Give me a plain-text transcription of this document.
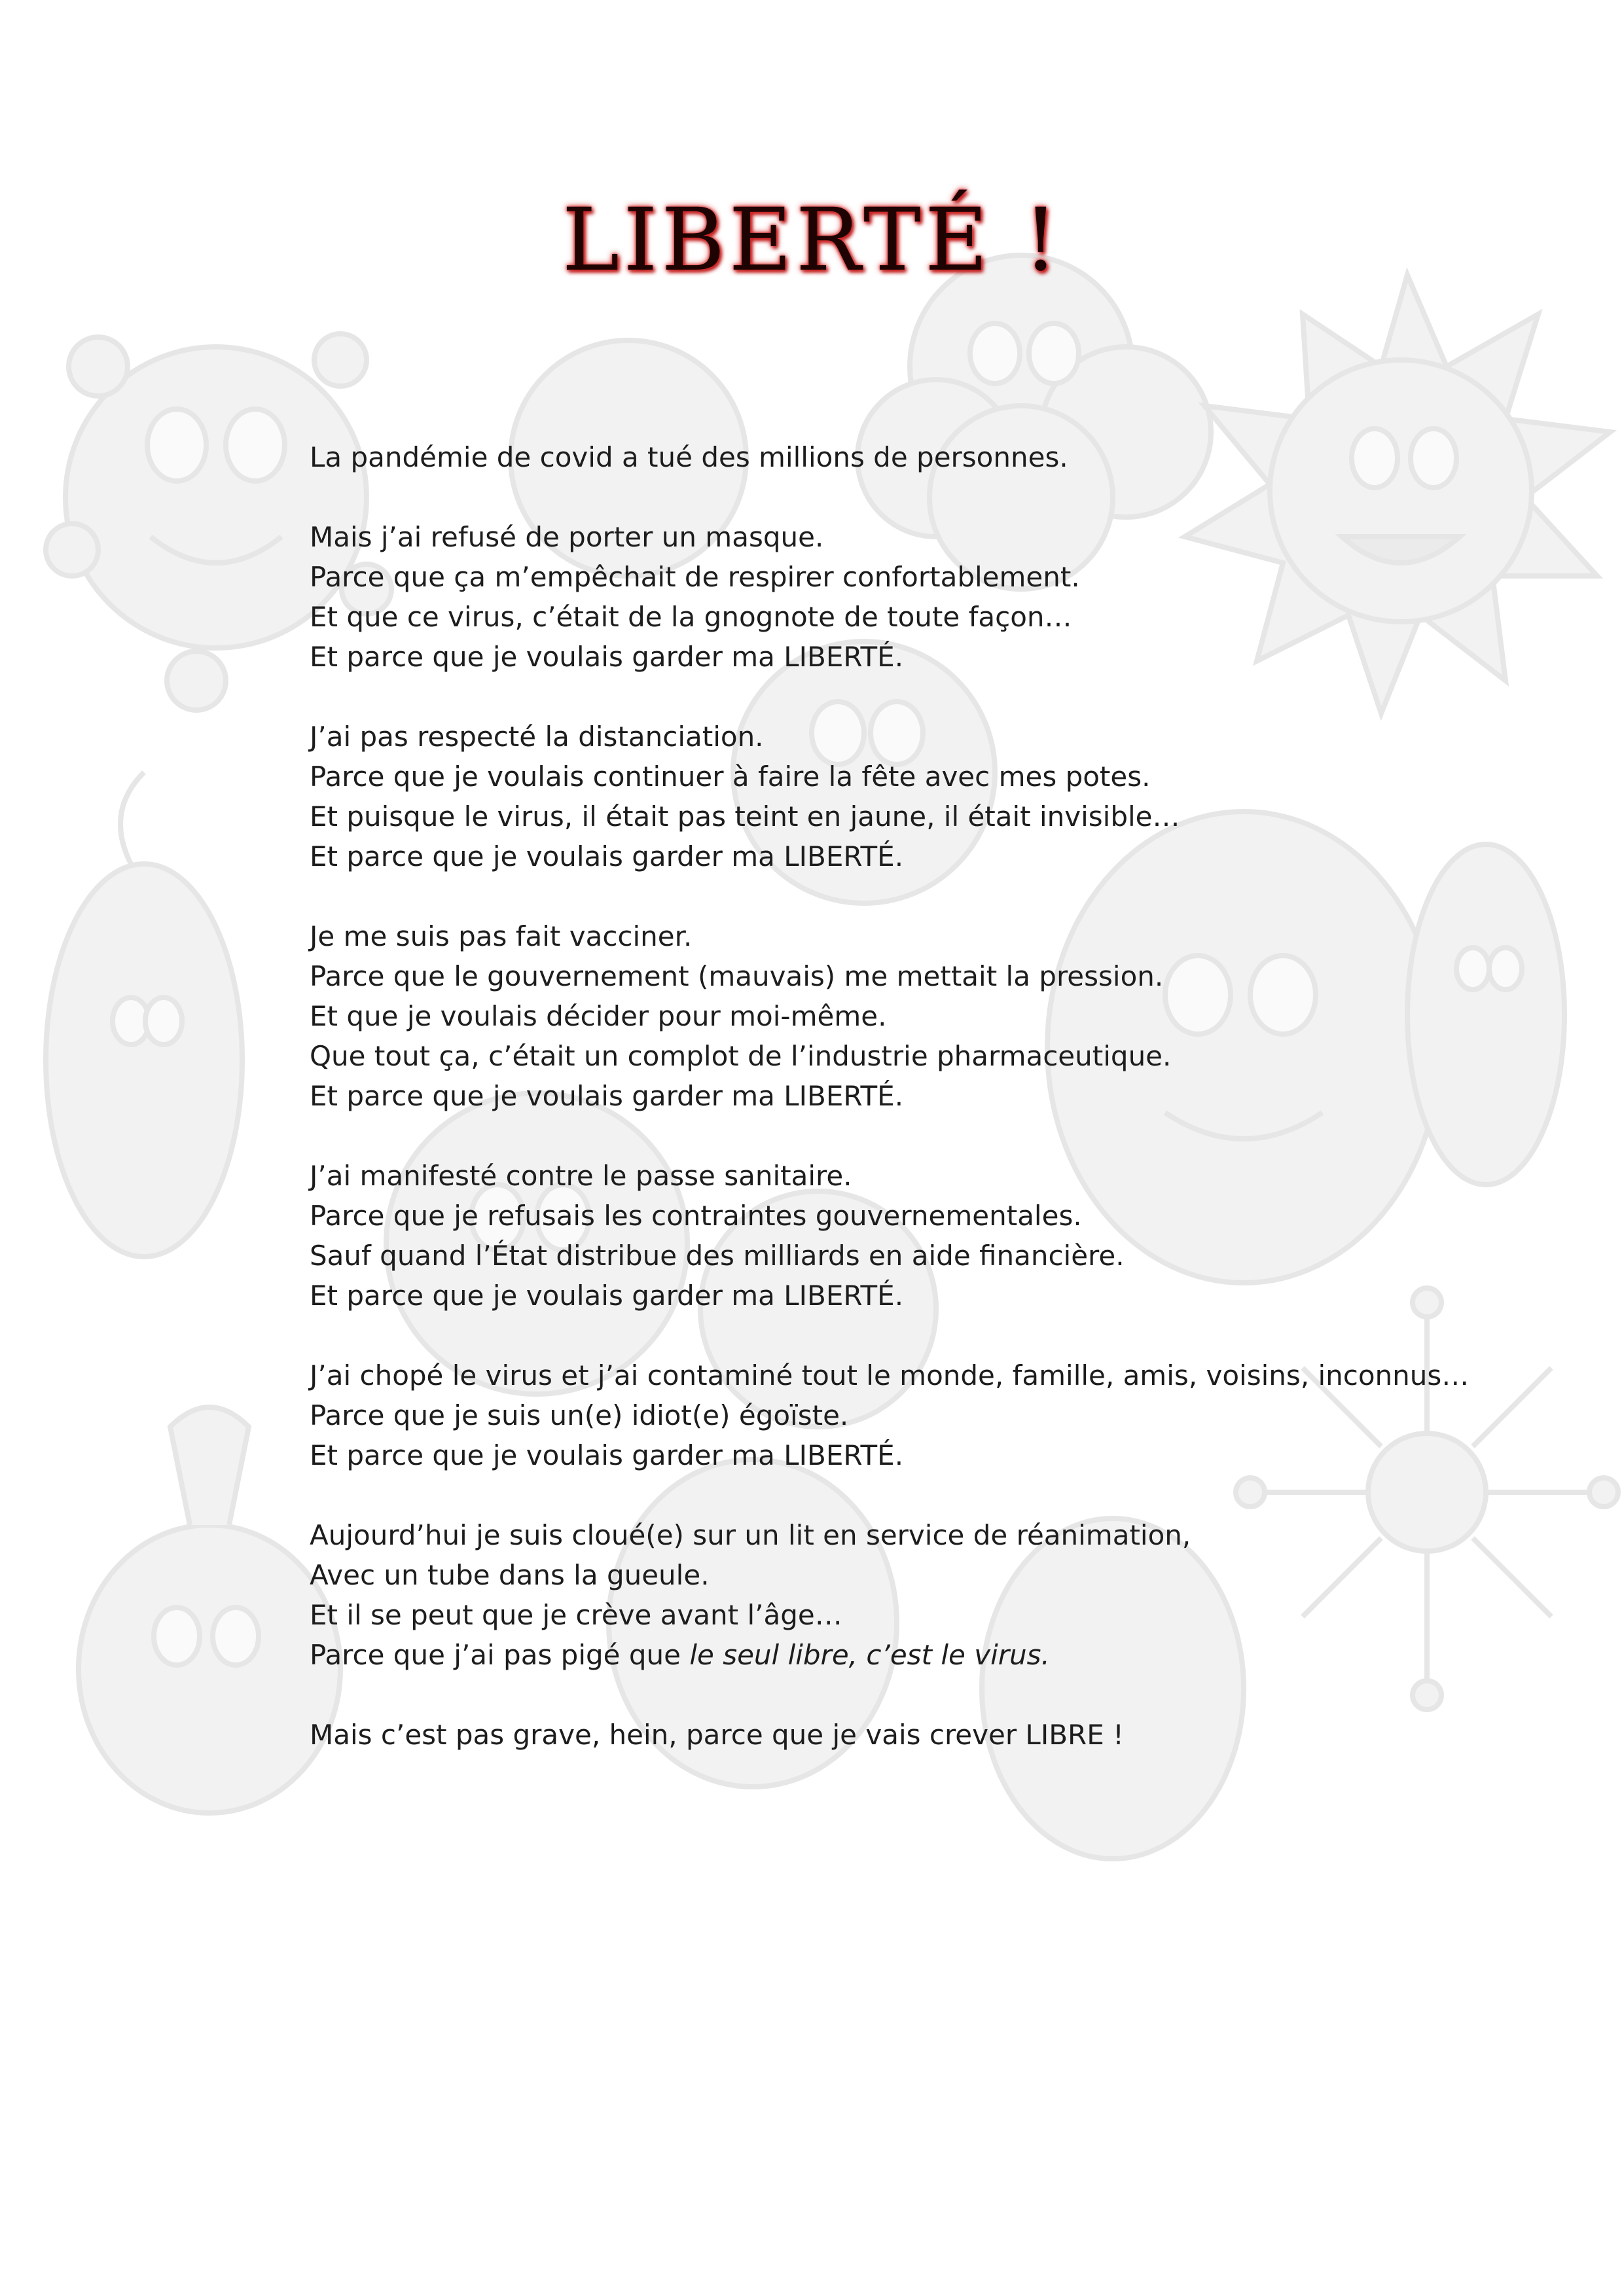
LIBERTÉ !
La pandémie de covid a tué des millions de personnes.
Mais j’ai refusé de porter un masque.
Parce que ça m’empêchait de respirer confortablement.
Et que ce virus, c’était de la gnognote de toute façon…
Et parce que je voulais garder ma LIBERTÉ.
J’ai pas respecté la distanciation.
Parce que je voulais continuer à faire la fête avec mes potes.
Et puisque le virus, il était pas teint en jaune, il était invisible…
Et parce que je voulais garder ma LIBERTÉ.
Je me suis pas fait vacciner.
Parce que le gouvernement (mauvais) me mettait la pression.
Et que je voulais décider pour moi-même.
Que tout ça, c’était un complot de l’industrie pharmaceutique.
Et parce que je voulais garder ma LIBERTÉ.
J’ai manifesté contre le passe sanitaire.
Parce que je refusais les contraintes gouvernementales.
Sauf quand l’État distribue des milliards en aide financière.
Et parce que je voulais garder ma LIBERTÉ.
J’ai chopé le virus et j’ai contaminé tout le monde, famille, amis, voisins, inconnus…
Parce que je suis un(e) idiot(e) égoïste.
Et parce que je voulais garder ma LIBERTÉ.
Aujourd’hui je suis cloué(e) sur un lit en service de réanimation,
Avec un tube dans la gueule.
Et il se peut que je crève avant l’âge…
Parce que j’ai pas pigé que le seul libre, c’est le virus.
Mais c’est pas grave, hein, parce que je vais crever LIBRE !
